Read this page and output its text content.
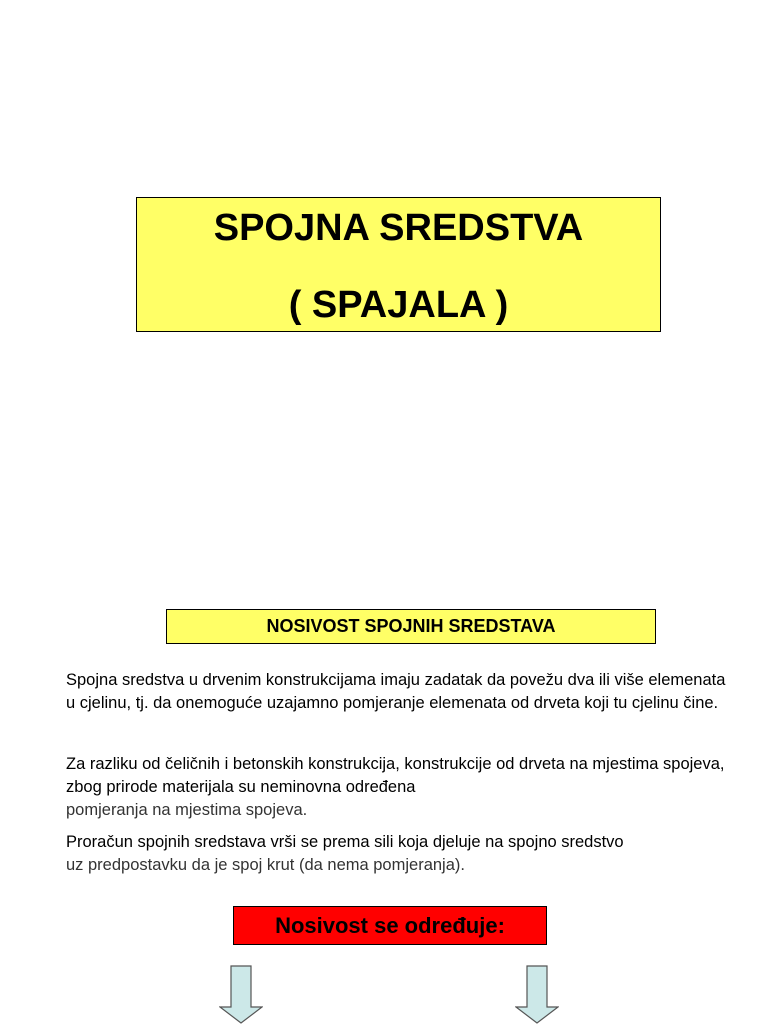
SPOJNA SREDSTVA
( SPAJALA )
NOSIVOST SPOJNIH SREDSTAVA

Spojna sredstva u drvenim konstrukcijama imaju zadatak da povežu dva ili više elemenata u cjelinu, tj. da onemoguće uzajamno pomjeranje elemenata od drveta koji tu cjelinu čine.

Za razliku od čeličnih i betonskih konstrukcija, konstrukcije od drveta na mjestima spojeva, zbog prirode materijala su neminovna određena
pomjeranja na mjestima spojeva.

Proračun spojnih sredstava vrši se prema sili koja djeluje na spojno sredstvo
uz predpostavku da je spoj krut (da nema pomjeranja).

Nosivost se određuje:
